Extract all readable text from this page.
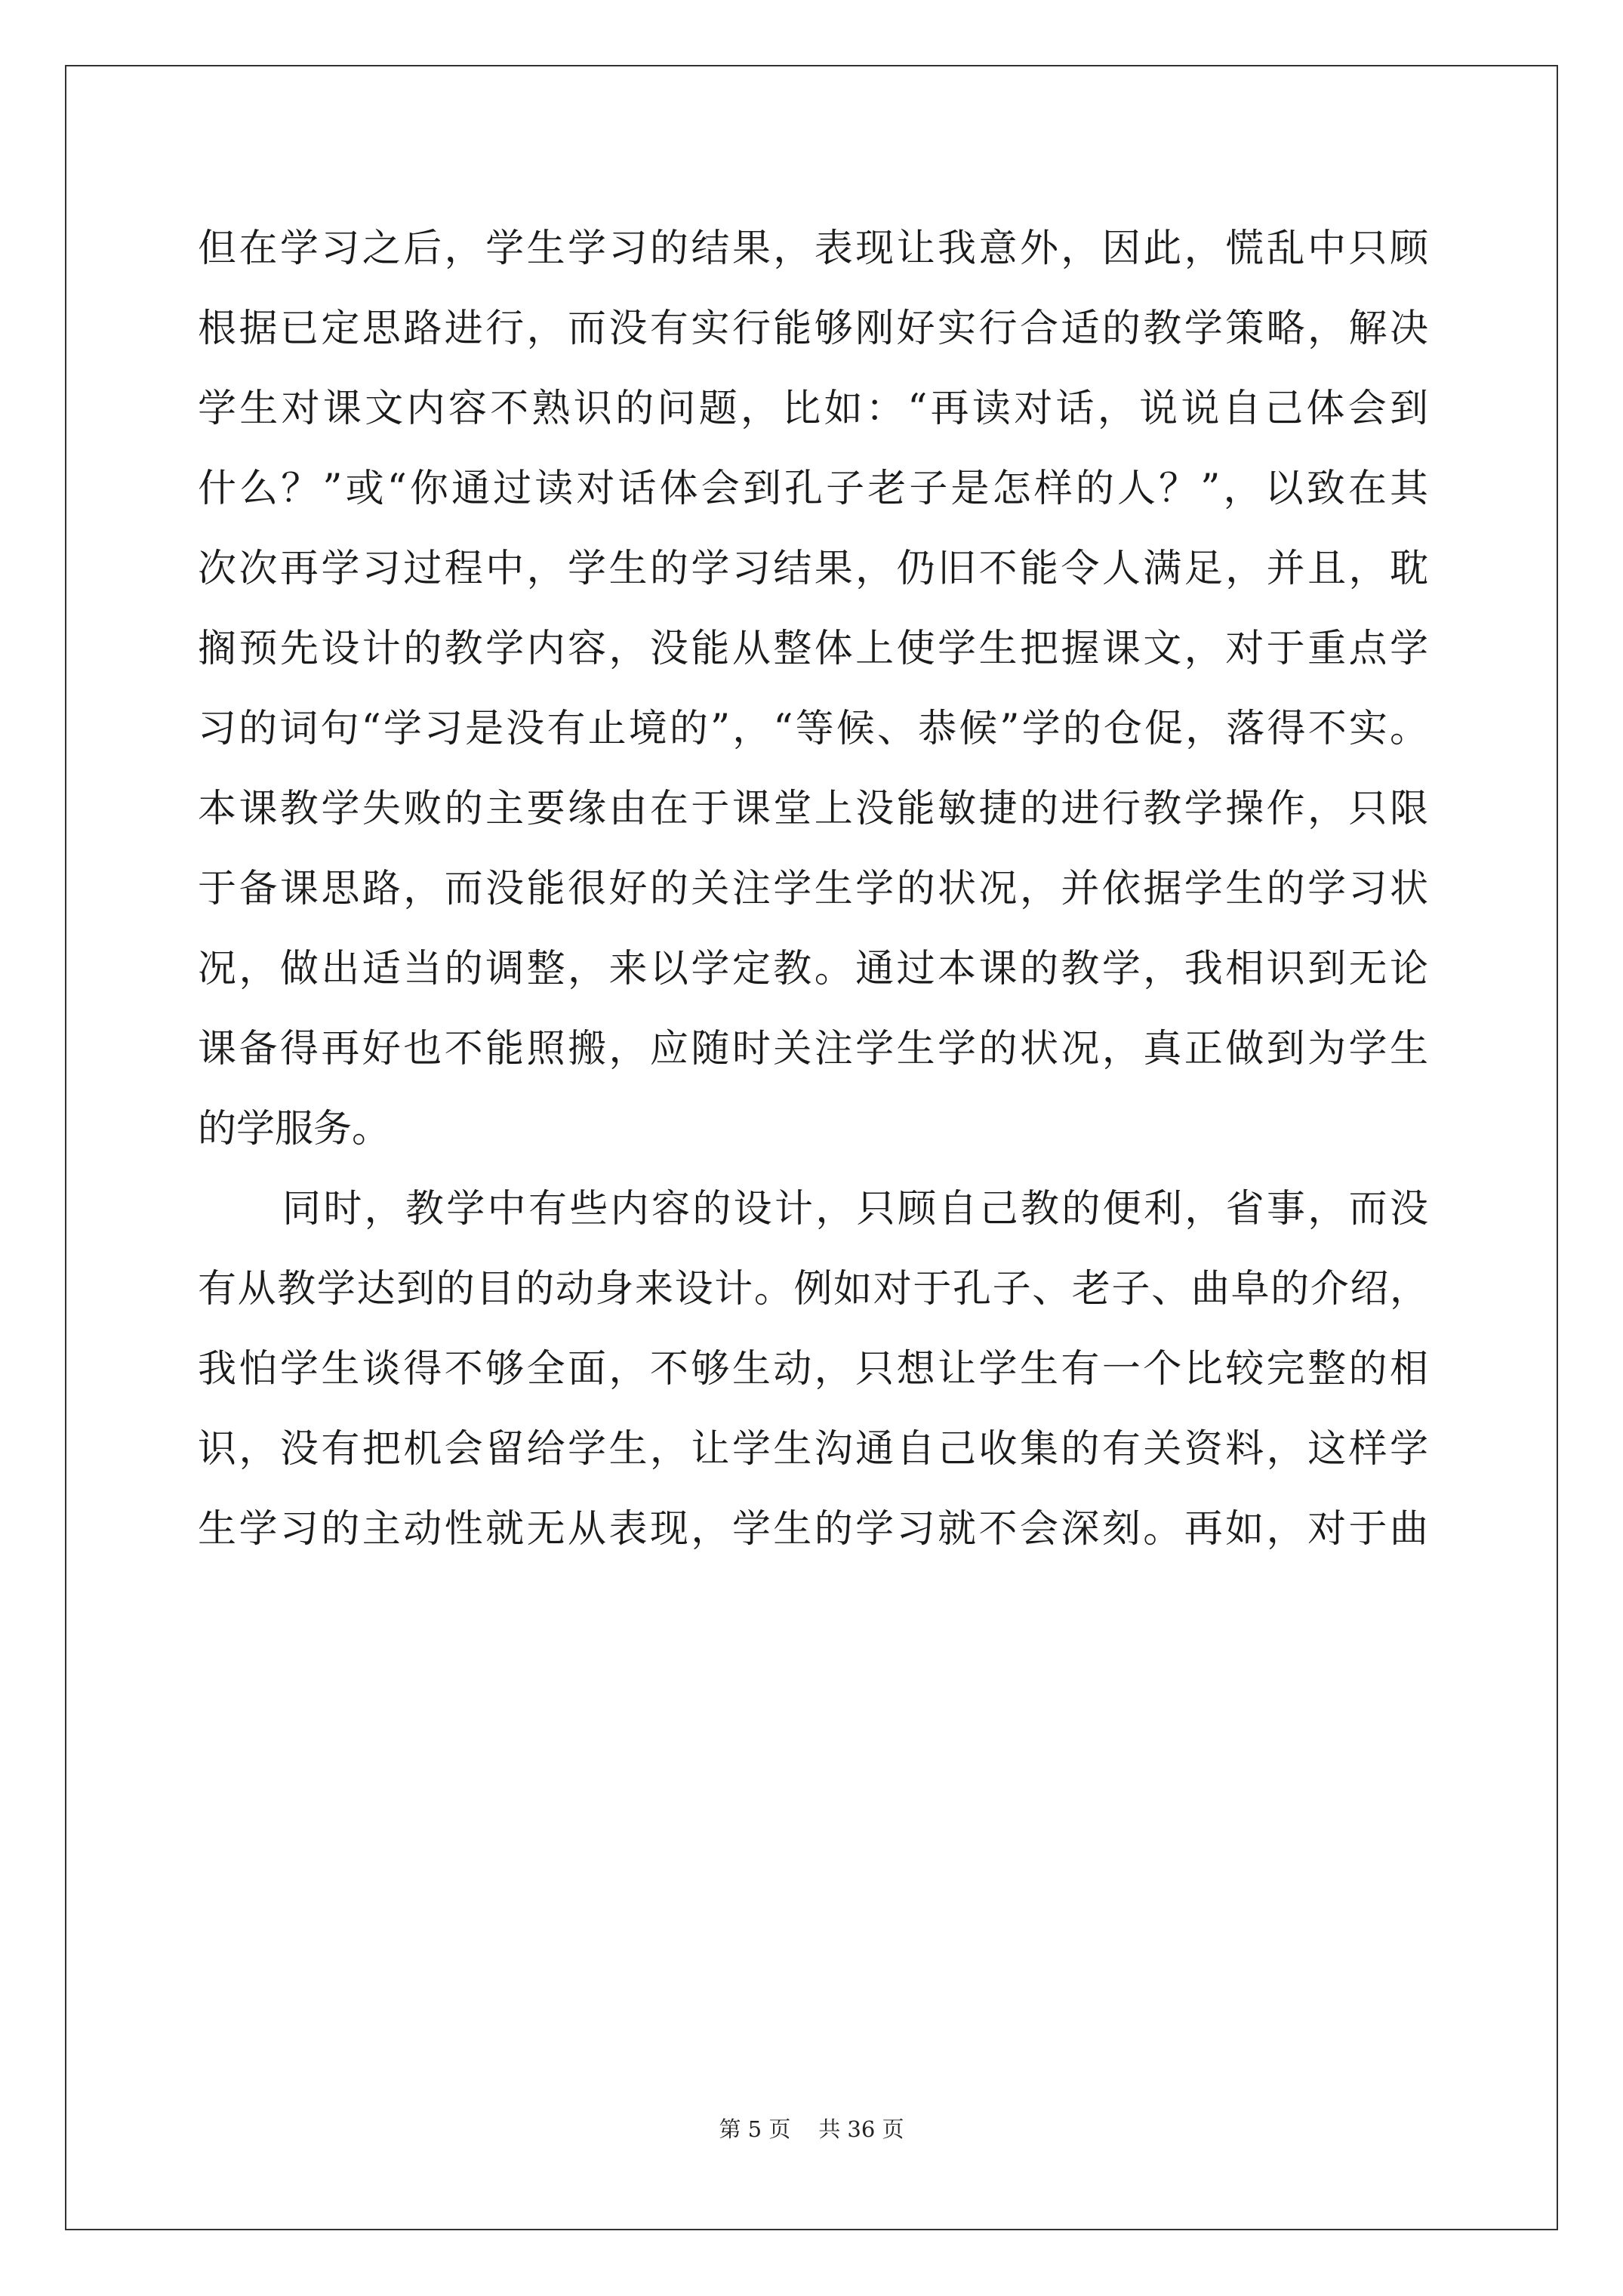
但在学习之后，学生学习的结果，表现让我意外，因此，慌乱中只顾

根据已定思路进行，而没有实行能够刚好实行合适的教学策略，解决

学生对课文内容不熟识的问题，比如：“再读对话，说说自己体会到

什么？”或“你通过读对话体会到孔子老子是怎样的人？”，以致在其

次次再学习过程中，学生的学习结果，仍旧不能令人满足，并且，耽

搁预先设计的教学内容，没能从整体上使学生把握课文，对于重点学

习的词句“学习是没有止境的”，“等候、恭候”学的仓促，落得不实。

本课教学失败的主要缘由在于课堂上没能敏捷的进行教学操作，只限

于备课思路，而没能很好的关注学生学的状况，并依据学生的学习状

况，做出适当的调整，来以学定教。通过本课的教学，我相识到无论

课备得再好也不能照搬，应随时关注学生学的状况，真正做到为学生

的学服务。

同时，教学中有些内容的设计，只顾自己教的便利，省事，而没

有从教学达到的目的动身来设计。例如对于孔子、老子、曲阜的介绍，

我怕学生谈得不够全面，不够生动，只想让学生有一个比较完整的相

识，没有把机会留给学生，让学生沟通自己收集的有关资料，这样学

生学习的主动性就无从表现，学生的学习就不会深刻。再如，对于曲

第 5 页 共 36 页
